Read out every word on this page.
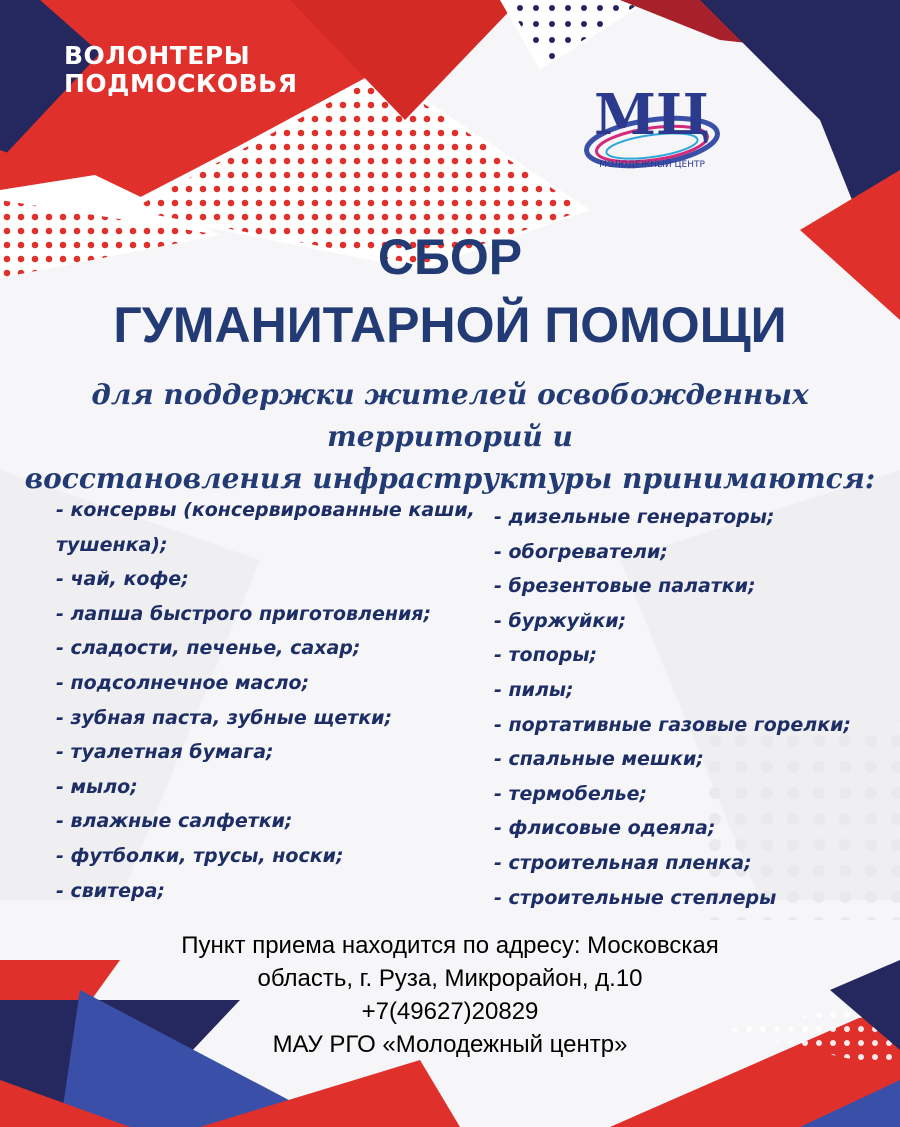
ВОЛОНТЕРЫ
ПОДМОСКОВЬЯ	МЦ
МОЛОДЕЖНЫЙ ЦЕНТР
СБОР
ГУМАНИТАРНОЙ ПОМОЩИ
для поддержки жителей освобожденных территорий и
восстановления инфраструктуры принимаются:
- консервы (консервированные каши,
тушенка);
- чай, кофе;
- лапша быстрого приготовления;
- сладости, печенье, сахар;
- подсолнечное масло;
- зубная паста, зубные щетки;
- туалетная бумага;
- мыло;
- влажные салфетки;
- футболки, трусы, носки;
- свитера;
- дизельные генераторы;
- обогреватели;
- брезентовые палатки;
- буржуйки;
- топоры;
- пилы;
- портативные газовые горелки;
- спальные мешки;
- термобелье;
- флисовые одеяла;
- строительная пленка;
- строительные степлеры
Пункт приема находится по адресу: Московская
область, г. Руза, Микрорайон, д.10
+7(49627)20829
МАУ РГО «Молодежный центр»
